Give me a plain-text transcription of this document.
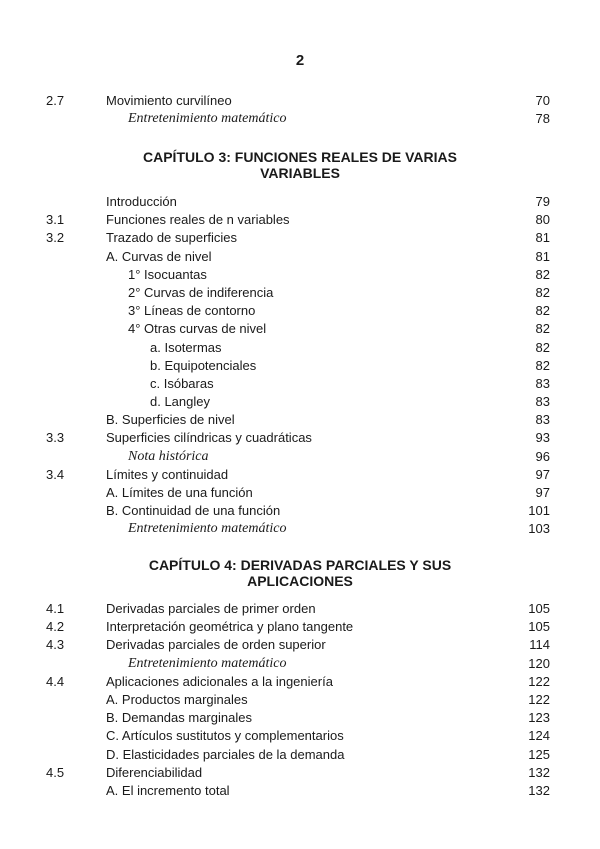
2
2.7	Movimiento curvilíneo	70
Entretenimiento matemático	78
CAPÍTULO 3: FUNCIONES REALES DE VARIAS
VARIABLES
Introducción	79
3.1	Funciones reales de n variables	80
3.2	Trazado de superficies	81
A. Curvas de nivel	81
1° Isocuantas	82
2° Curvas de indiferencia	82
3° Líneas de contorno	82
4° Otras curvas de nivel	82
a. Isotermas	82
b. Equipotenciales	82
c. Isóbaras	83
d. Langley	83
B. Superficies de nivel	83
3.3	Superficies cilíndricas y cuadráticas	93
Nota histórica	96
3.4	Límites y continuidad	97
A. Límites de una función	97
B. Continuidad de una función	101
Entretenimiento matemático	103
CAPÍTULO 4: DERIVADAS PARCIALES Y SUS
APLICACIONES
4.1	Derivadas parciales de primer orden	105
4.2	Interpretación geométrica y plano tangente	105
4.3	Derivadas parciales de orden superior	114
Entretenimiento matemático	120
4.4	Aplicaciones adicionales a la ingeniería	122
A. Productos marginales	122
B. Demandas marginales	123
C. Artículos sustitutos y complementarios	124
D. Elasticidades parciales de la demanda	125
4.5	Diferenciabilidad	132
A. El incremento total	132
